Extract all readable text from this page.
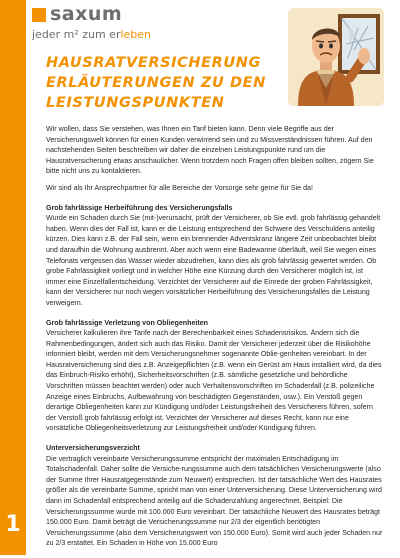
1
saxum
jeder m² zum erleben
HAUSRATVERSICHERUNG
ERLÄUTERUNGEN ZU DEN
LEISTUNGSPUNKTEN

Wir wollen, dass Sie verstehen, was Ihnen ein Tarif bieten kann. Denn viele Begriffe aus der Versicherungswelt können für einen Kunden verwirrend sein und zu Missverständnissen führen. Auf den nachstehenden Seiten beschreiben wir daher die einzelnen Leistungspunkte rund um die Hausratversicherung etwas anschaulicher. Wenn trotzdem noch Fragen offen bleiben sollten, zögern Sie bitte nicht uns zu kontaktieren.

Wir sind als Ihr Ansprechpartner für alle Bereiche der Vorsorge sehr gerne für Sie da!

Grob fahrlässige Herbeiführung des Versicherungsfalls

Wurde ein Schaden durch Sie (mit-)verursacht, prüft der Versicherer, ob Sie evtl. grob fahrlässig gehandelt haben. Wenn dies der Fall ist, kann er die Leistung entsprechend der Schwere des Verschuldens anteilig kürzen. Dies kann z.B. der Fall sein, wenn ein brennender Adventskranz längere Zeit unbeobachtet bleibt und daraufhin die Wohnung ausbrennt. Aber auch wenn eine Badewanne überläuft, weil Sie wegen eines Telefonats vergessen das Wasser wieder abzudrehen, kann dies als grob fahrlässig gewertet werden. Ob grobe Fahrlässigkeit vorliegt und in welcher Höhe eine Kürzung durch den Versicherer möglich ist, ist immer eine Einzelfallentscheidung. Verzichtet der Versicherer auf die Einrede der groben Fahrlässigkeit, kann der Versicherer nur noch wegen vorsätzlicher Herbeiführung des Versicherungsfalles die Leistung verweigern.

Grob fahrlässige Verletzung von Obliegenheiten

Versicherer kalkulieren ihre Tarife nach der Berechenbarkeit eines Schadensrisikos. Ändern sich die Rahmenbedingungen, ändert sich auch das Risiko. Damit der Versicherer jederzeit über die Risikohöhe informiert bleibt, werden mit dem Versicherungsnehmer sogenannte Oblie-genheiten vereinbart. In der Hausratversicherung sind dies z.B. Anzeigepflichten (z.B. wenn ein Gerüst am Haus installiert wird, da dies das Einbruch-Risiko erhöht), Sicherheitsvorschriften (z.B. sämtliche gesetzliche und behördliche Vorschriften müssen beachtet werden) oder auch Verhaltensvorschriften im Schadenfall (z.B. polizeiliche Anzeige eines Einbruchs, Aufbewahrung von beschädigten Gegenständen, usw.). Ein Verstoß gegen derartige Obliegenheiten kann zur Kündigung und/oder Leistungsfreiheit des Versicherers führen, sofern der Verstoß grob fahrlässig erfolgt ist. Verzichtet der Versicherer auf dieses Recht, kann nur eine vorsätzliche Obliegenheitsverletzung zur Leistungsfreiheit und/oder Kündigung führen.

Unterversicherungsverzicht

Die vertraglich vereinbarte Versicherungssumme entspricht der maximalen Entschädigung im Totalschadenfall. Daher sollte die Versiche-rungssumme auch dem tatsächlichen Versicherungswerte (also der Summe Ihrer Hausratgegenstände zum Neuwert) entsprechen. Ist der tatsächliche Wert des Hausrates größer als die vereinbarte Summe, spricht man von einer Unterversicherung. Diese Unterversicherung wird dann im Schadenfall entsprechend anteilig auf die Schadenzahlung angerechnet. Beispiel: Die Versicherungssumme wurde mit 100.000 Euro vereinbart. Der tatsächliche Neuwert des Hausrates beträgt 150.000 Euro. Damit beträgt die Versicherungssumme nur 2/3 der eigentlich benötigten Versicherungssumme (also dem Versicherungswert von 150.000 Euro). Somit wird auch jeder Schaden nur zu 2/3 erstattet. Ein Schaden in Höhe von 15.000 Euro
